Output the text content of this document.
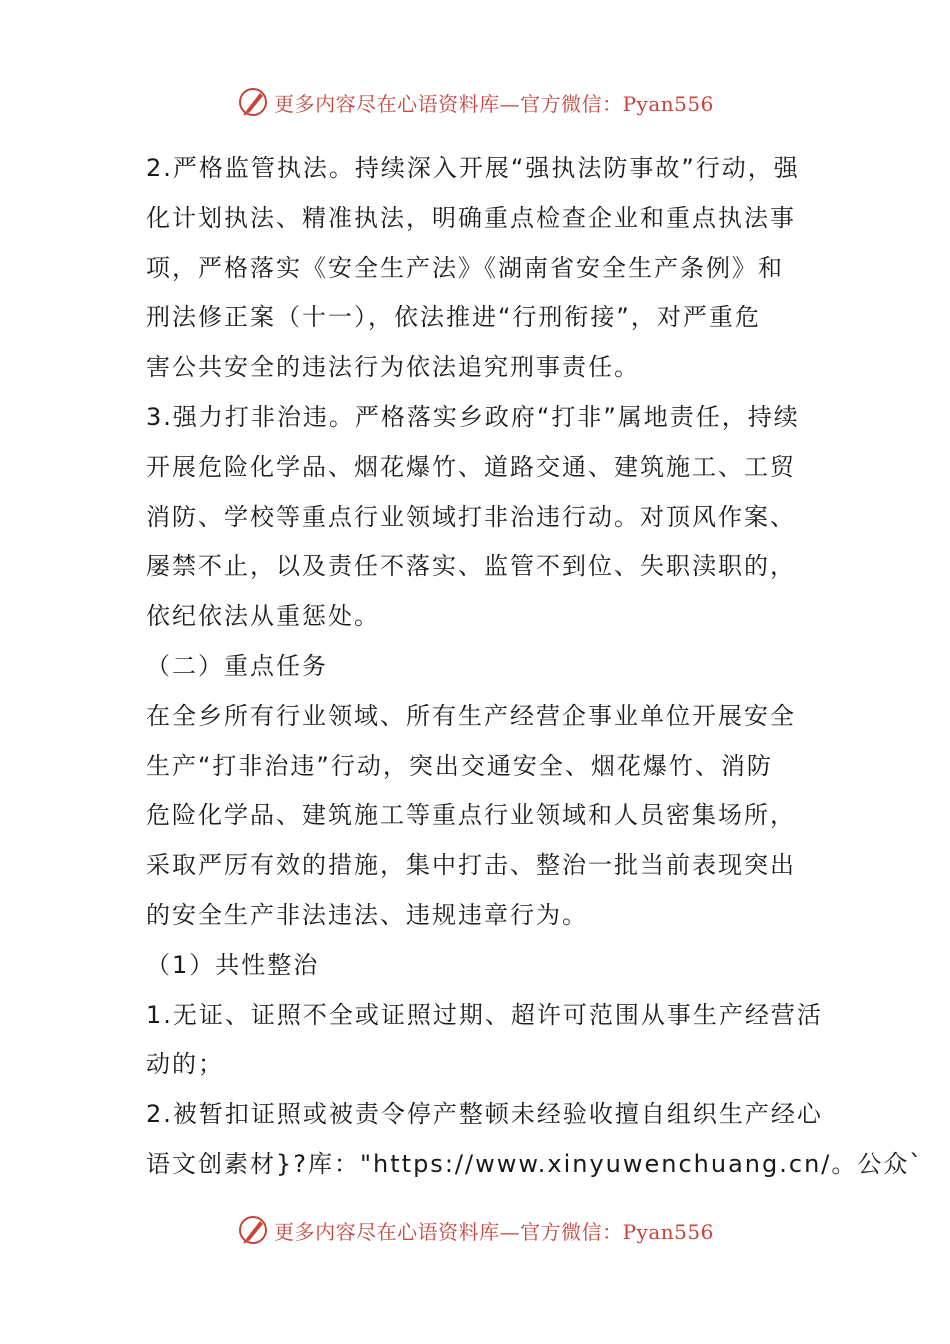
更多内容尽在心语资料库—官方微信：Pyan556

2.严格监管执法。持续深入开展“强执法防事故”行动，强

化计划执法、精准执法，明确重点检查企业和重点执法事

项，严格落实《安全生产法》《湖南省安全生产条例》和

刑法修正案（十一），依法推进“行刑衔接”，对严重危

害公共安全的违法行为依法追究刑事责任。

3.强力打非治违。严格落实乡政府“打非”属地责任，持续

开展危险化学品、烟花爆竹、道路交通、建筑施工、工贸

消防、学校等重点行业领域打非治违行动。对顶风作案、

屡禁不止，以及责任不落实、监管不到位、失职渎职的，

依纪依法从重惩处。

（二）重点任务

在全乡所有行业领域、所有生产经营企事业单位开展安全

生产“打非治违”行动，突出交通安全、烟花爆竹、消防

危险化学品、建筑施工等重点行业领域和人员密集场所，

采取严厉有效的措施，集中打击、整治一批当前表现突出

的安全生产非法违法、违规违章行为。

（1）共性整治

1.无证、证照不全或证照过期、超许可范围从事生产经营活

动的；

2.被暂扣证照或被责令停产整顿未经验收擅自组织生产经心

语文创素材}?库："https://www.xinyuwenchuang.cn/。公众`

更多内容尽在心语资料库—官方微信：Pyan556
